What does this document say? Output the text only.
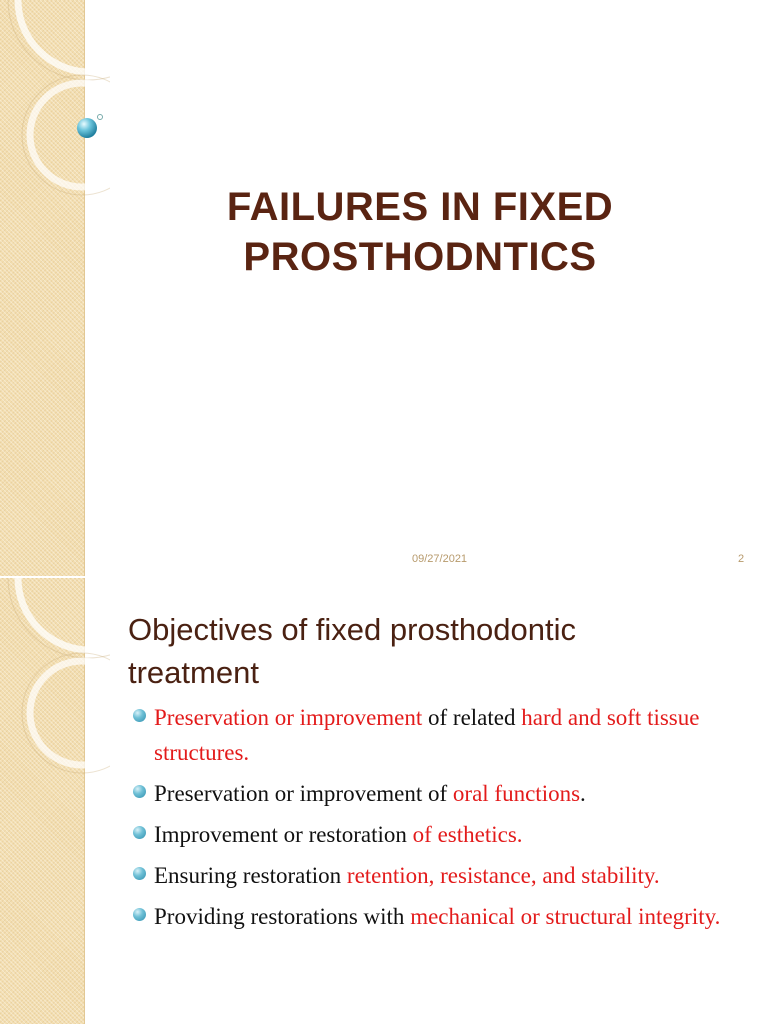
FAILURES IN FIXED
PROSTHODNTICS
09/27/2021	2
Objectives of fixed prosthodontic
treatment
Preservation or improvement of related hard and soft tissue structures.
Preservation or improvement of oral functions.
Improvement or restoration of esthetics.
Ensuring restoration retention, resistance, and stability.
Providing restorations with mechanical or structural integrity.
